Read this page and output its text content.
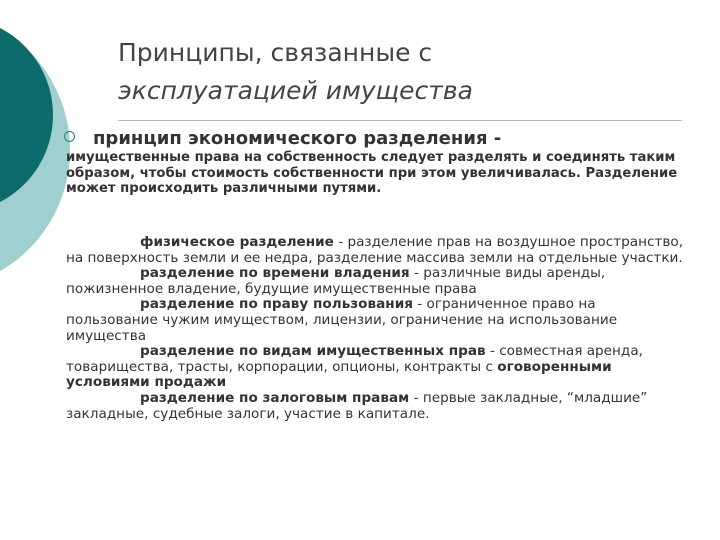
Принципы, связанные с
эксплуатацией имущества
принцип экономического разделения -
имущественные права на собственность следует разделять и соединять таким образом, чтобы стоимость собственности при этом увеличивалась. Разделение может происходить различными путями.

физическое разделение - разделение прав на воздушное пространство, на поверхность земли и ее недра, разделение массива земли на отдельные участки.

разделение по времени владения - различные виды аренды, пожизненное владение, будущие имущественные права

разделение по праву пользования - ограниченное право на пользование чужим имуществом, лицензии, ограничение на использование имущества

разделение по видам имущественных прав - совместная аренда, товарищества, трасты, корпорации, опционы, контракты с оговоренными условиями продажи

разделение по залоговым правам - первые закладные, “младшие” закладные, судебные залоги, участие в капитале.
